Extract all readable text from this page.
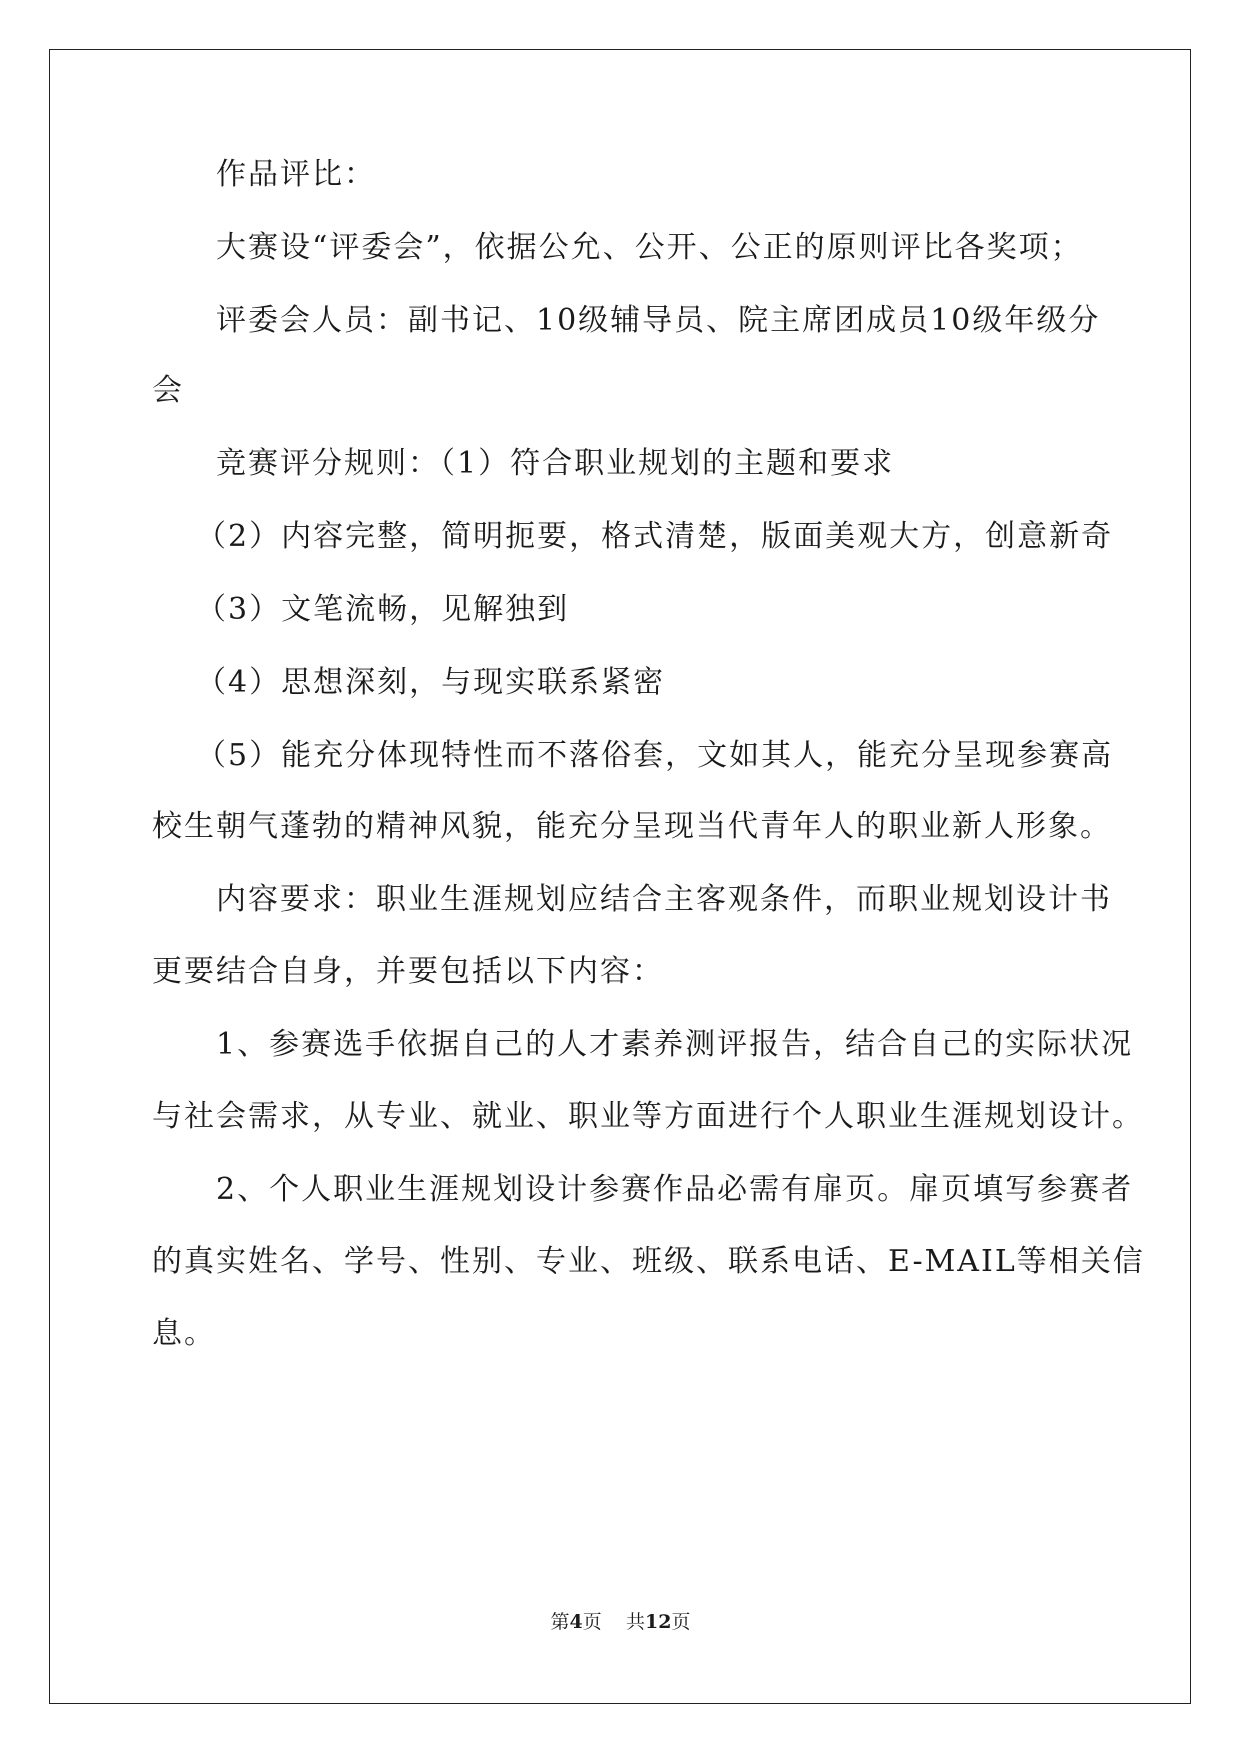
作品评比：
大赛设“评委会”，依据公允、公开、公正的原则评比各奖项；
评委会人员：副书记、10级辅导员、院主席团成员10级年级分
会
竞赛评分规则：（1）符合职业规划的主题和要求
（2）内容完整，简明扼要，格式清楚，版面美观大方，创意新奇
（3）文笔流畅，见解独到
（4）思想深刻，与现实联系紧密
（5）能充分体现特性而不落俗套，文如其人，能充分呈现参赛高
校生朝气蓬勃的精神风貌，能充分呈现当代青年人的职业新人形象。
内容要求：职业生涯规划应结合主客观条件，而职业规划设计书
更要结合自身，并要包括以下内容：
1、参赛选手依据自己的人才素养测评报告，结合自己的实际状况
与社会需求，从专业、就业、职业等方面进行个人职业生涯规划设计。
2、个人职业生涯规划设计参赛作品必需有扉页。扉页填写参赛者
的真实姓名、学号、性别、专业、班级、联系电话、E-MAIL等相关信
息。
第4页 共12页
